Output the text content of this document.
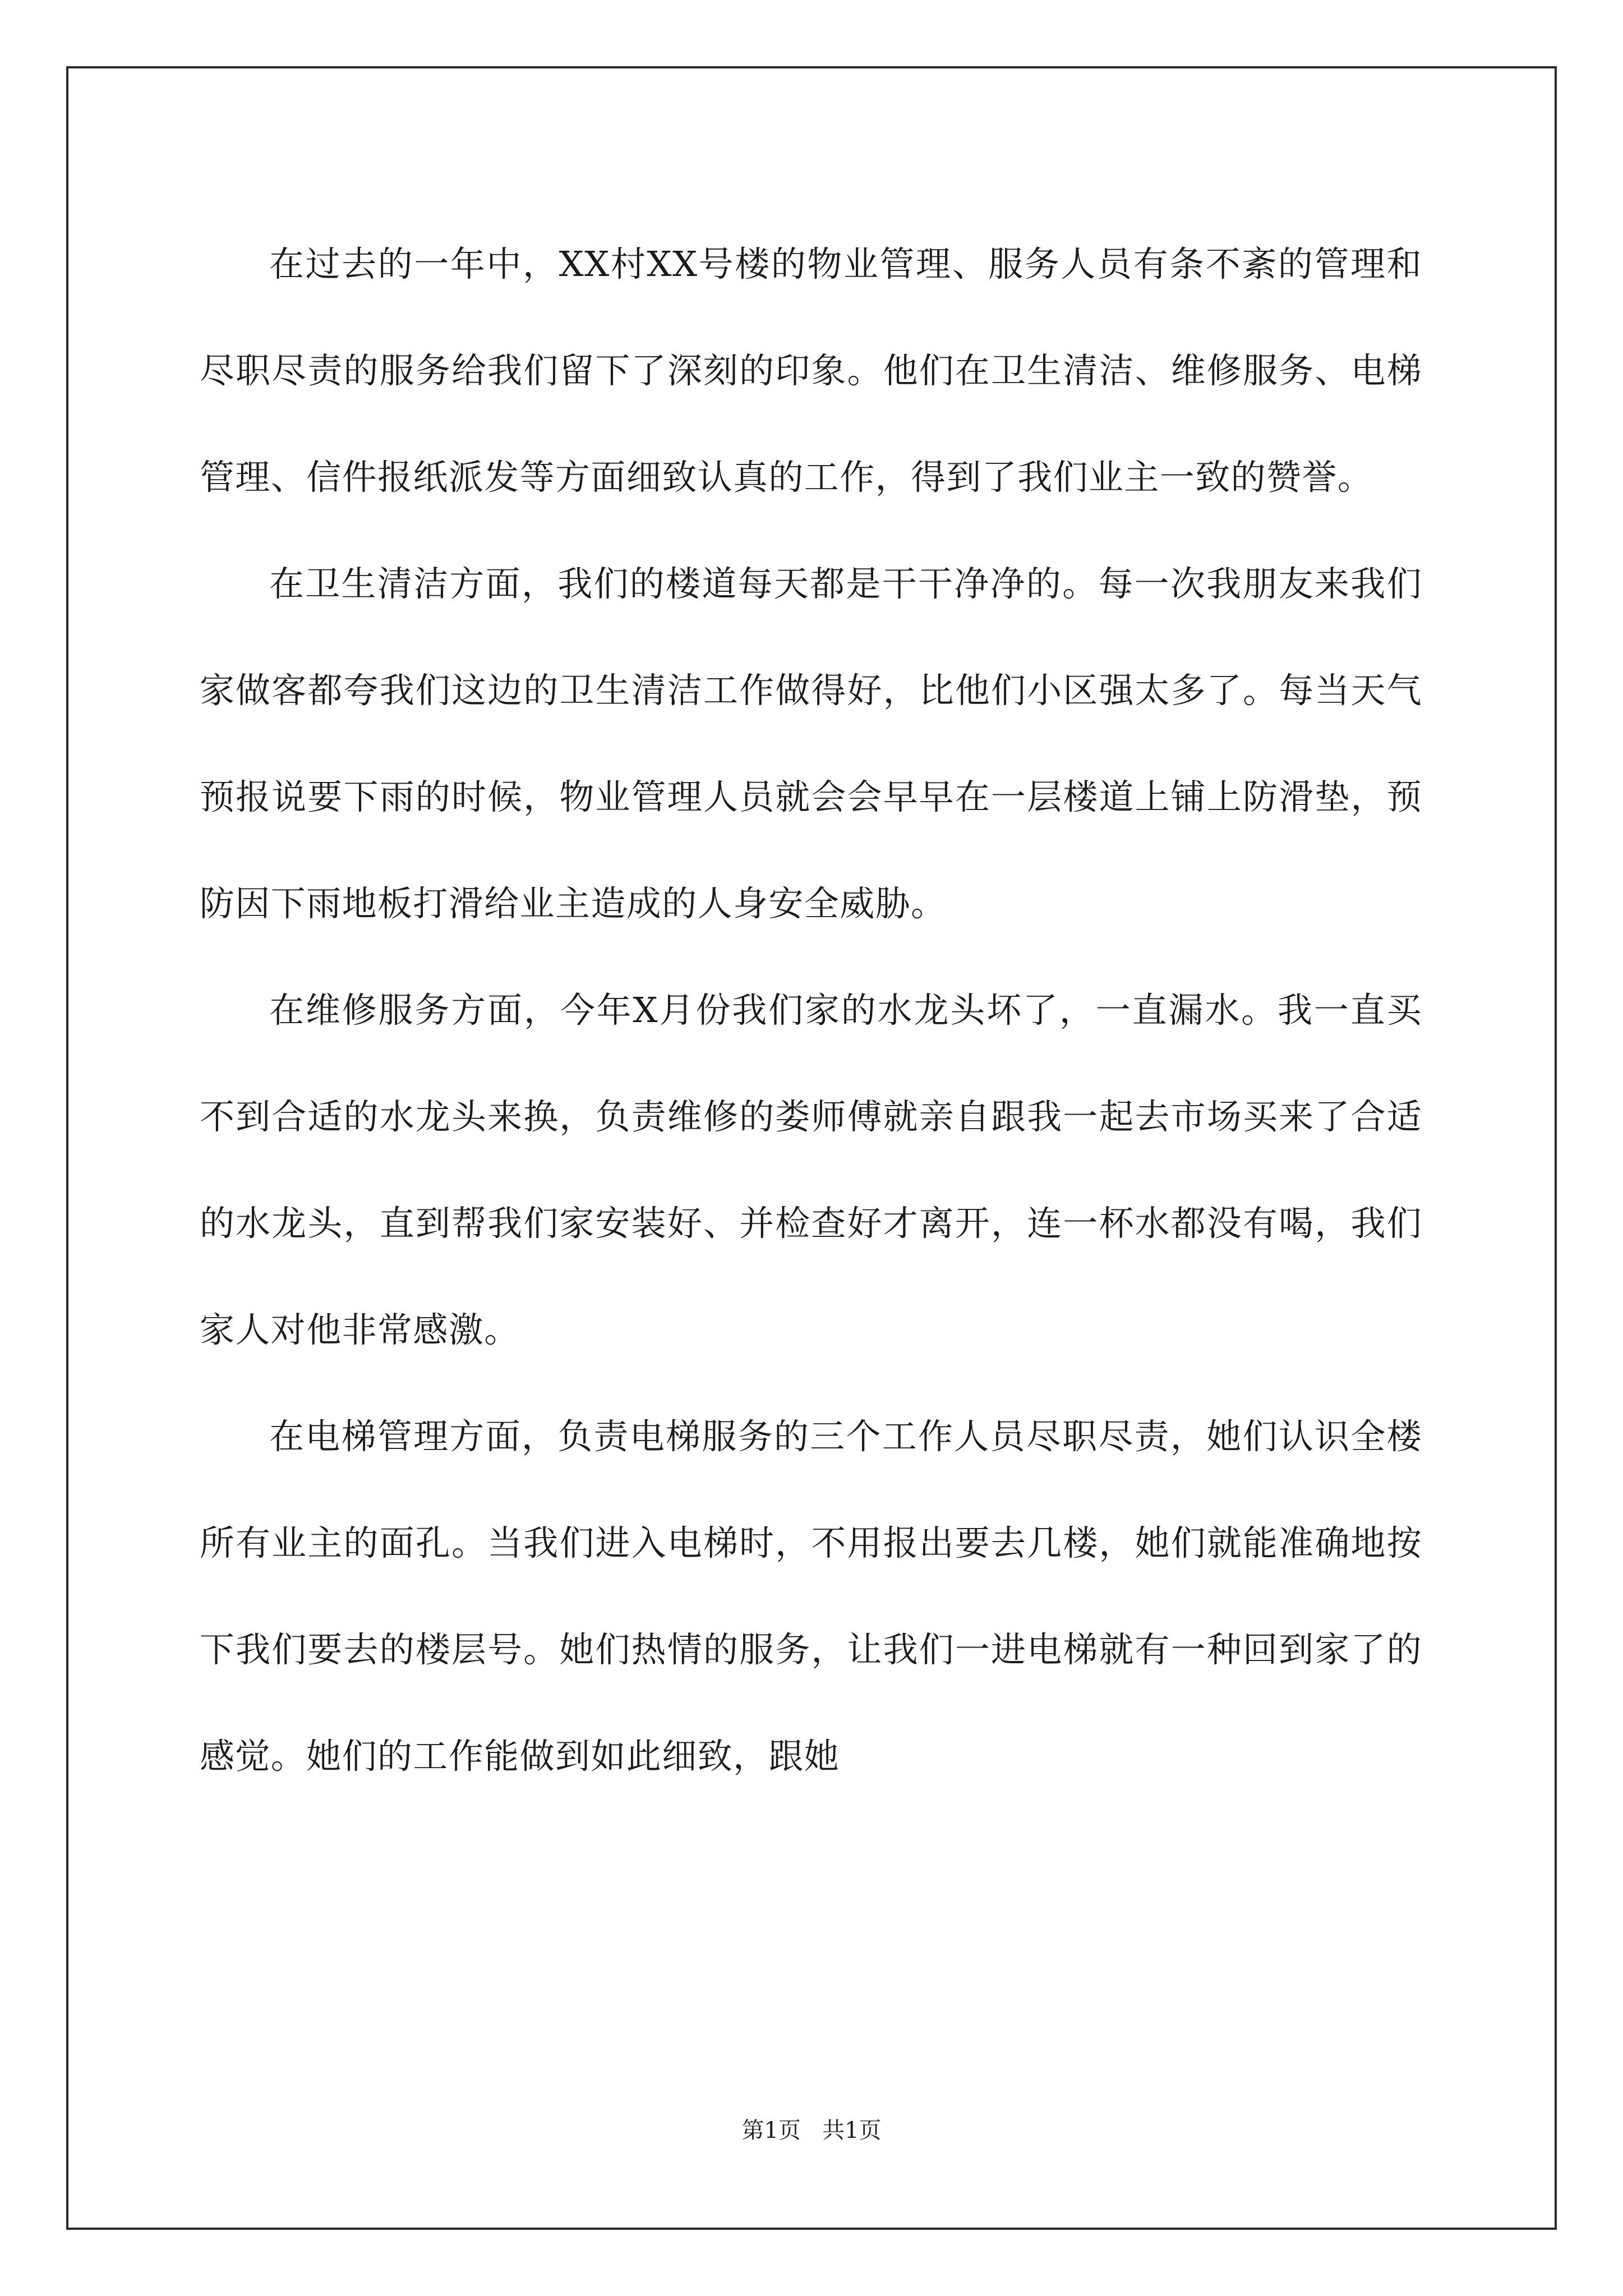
在过去的一年中，XX村XX号楼的物业管理、服务人员有条不紊的管理和尽职尽责的服务给我们留下了深刻的印象。他们在卫生清洁、维修服务、电梯管理、信件报纸派发等方面细致认真的工作，得到了我们业主一致的赞誉。

在卫生清洁方面，我们的楼道每天都是干干净净的。每一次我朋友来我们家做客都夸我们这边的卫生清洁工作做得好，比他们小区强太多了。每当天气预报说要下雨的时候，物业管理人员就会会早早在一层楼道上铺上防滑垫，预防因下雨地板打滑给业主造成的人身安全威胁。

在维修服务方面，今年X月份我们家的水龙头坏了，一直漏水。我一直买不到合适的水龙头来换，负责维修的娄师傅就亲自跟我一起去市场买来了合适的水龙头，直到帮我们家安装好、并检查好才离开，连一杯水都没有喝，我们家人对他非常感激。

在电梯管理方面，负责电梯服务的三个工作人员尽职尽责，她们认识全楼所有业主的面孔。当我们进入电梯时，不用报出要去几楼，她们就能准确地按下我们要去的楼层号。她们热情的服务，让我们一进电梯就有一种回到家了的感觉。她们的工作能做到如此细致，跟她

第1页   共1页
